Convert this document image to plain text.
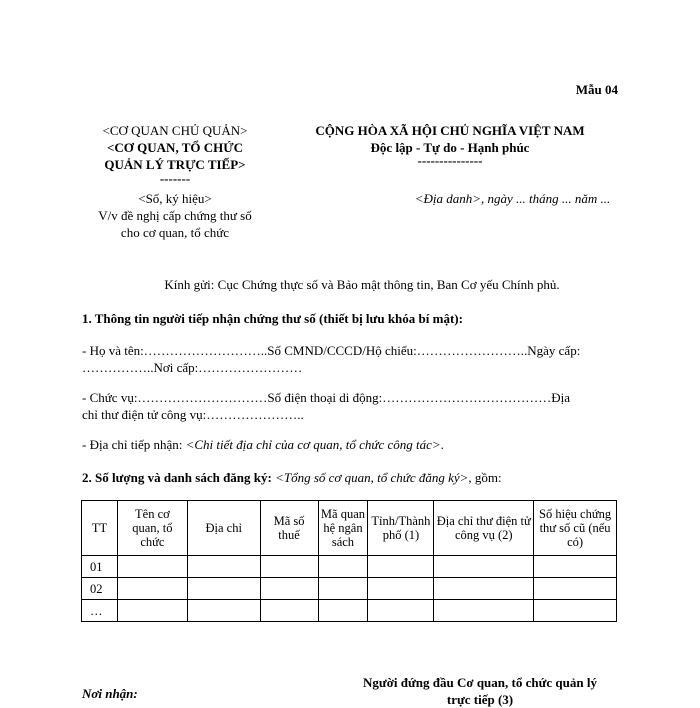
Mẫu 04
<CƠ QUAN CHỦ QUẢN>
<CƠ QUAN, TỔ CHỨC
QUẢN LÝ TRỰC TIẾP>
-------
<Số, ký hiệu>
V/v đề nghị cấp chứng thư số
cho cơ quan, tổ chức
CỘNG HÒA XÃ HỘI CHỦ NGHĨA VIỆT NAM
Độc lập - Tự do - Hạnh phúc
---------------
<Địa danh>, ngày ... tháng ... năm ...
Kính gửi: Cục Chứng thực số và Bảo mật thông tin, Ban Cơ yếu Chính phủ.
1. Thông tin người tiếp nhận chứng thư số (thiết bị lưu khóa bí mật):
- Họ và tên:………………………..Số CMND/CCCD/Hộ chiếu:……………………..Ngày cấp:
……………..Nơi cấp:……………………
- Chức vụ:…………………………Số điện thoại di động:…………………………………Địa
chỉ thư điện tử công vụ:…………………..
- Địa chỉ tiếp nhận: <Chi tiết địa chỉ của cơ quan, tổ chức công tác>.
2. Số lượng và danh sách đăng ký: <Tổng số cơ quan, tổ chức đăng ký>, gồm:
TT	Tên cơ quan, tổ chức	Địa chỉ	Mã số thuế	Mã quan hệ ngân sách	Tỉnh/Thành phố (1)	Địa chỉ thư điện tử công vụ (2)	Số hiệu chứng thư số cũ (nếu có)
01							
02							
…							
Nơi nhận:
Người đứng đầu Cơ quan, tổ chức quản lý
trực tiếp (3)
